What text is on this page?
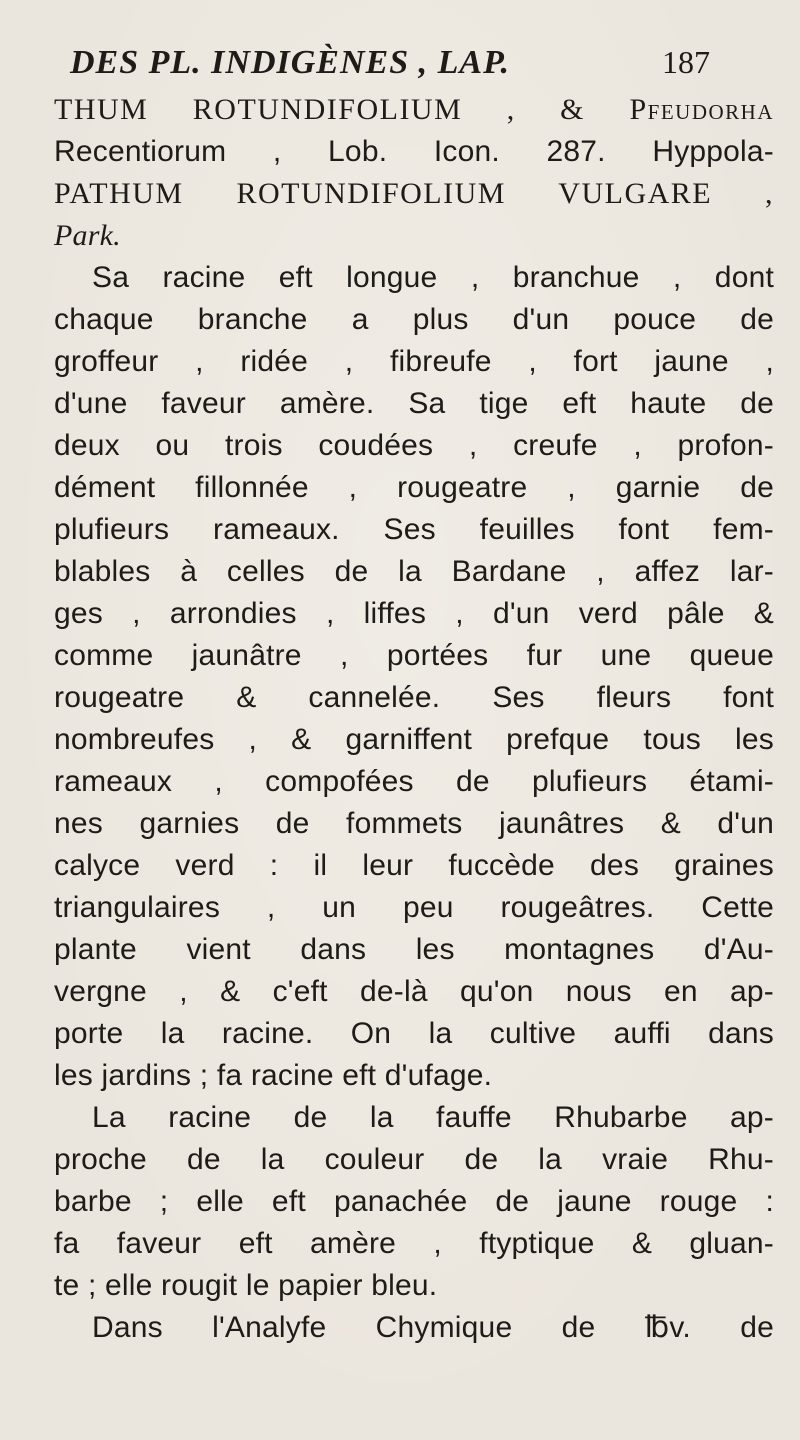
DES PL. INDIGÈNES , LAP.	187
THUM ROTUNDIFOLIUM , & Pfeudorha
Recentiorum , Lob. Icon. 287. Hyppola-
PATHUM ROTUNDIFOLIUM VULGARE ,
Park.
Sa racine eft longue , branchue , dont
chaque branche a plus d'un pouce de
groffeur , ridée , fibreufe , fort jaune ,
d'une faveur amère. Sa tige eft haute de
deux ou trois coudées , creufe , profon-
dément fillonnée , rougeatre , garnie de
plufieurs rameaux. Ses feuilles font fem-
blables à celles de la Bardane , affez lar-
ges , arrondies , liffes , d'un verd pâle &
comme jaunâtre , portées fur une queue
rougeatre & cannelée. Ses fleurs font
nombreufes , & garniffent prefque tous les
rameaux , compofées de plufieurs étami-
nes garnies de fommets jaunâtres & d'un
calyce verd : il leur fuccède des graines
triangulaires , un peu rougeâtres. Cette
plante vient dans les montagnes d'Au-
vergne , & c'eft de-là qu'on nous en ap-
porte la racine. On la cultive auffi dans
les jardins ; fa racine eft d'ufage.
La racine de la fauffe Rhubarbe ap-
proche de la couleur de la vraie Rhu-
barbe ; elle eft panachée de jaune rouge :
fa faveur eft amère , ftyptique & gluan-
te ; elle rougit le papier bleu.
Dans l'Analyfe Chymique de ℔v. de
